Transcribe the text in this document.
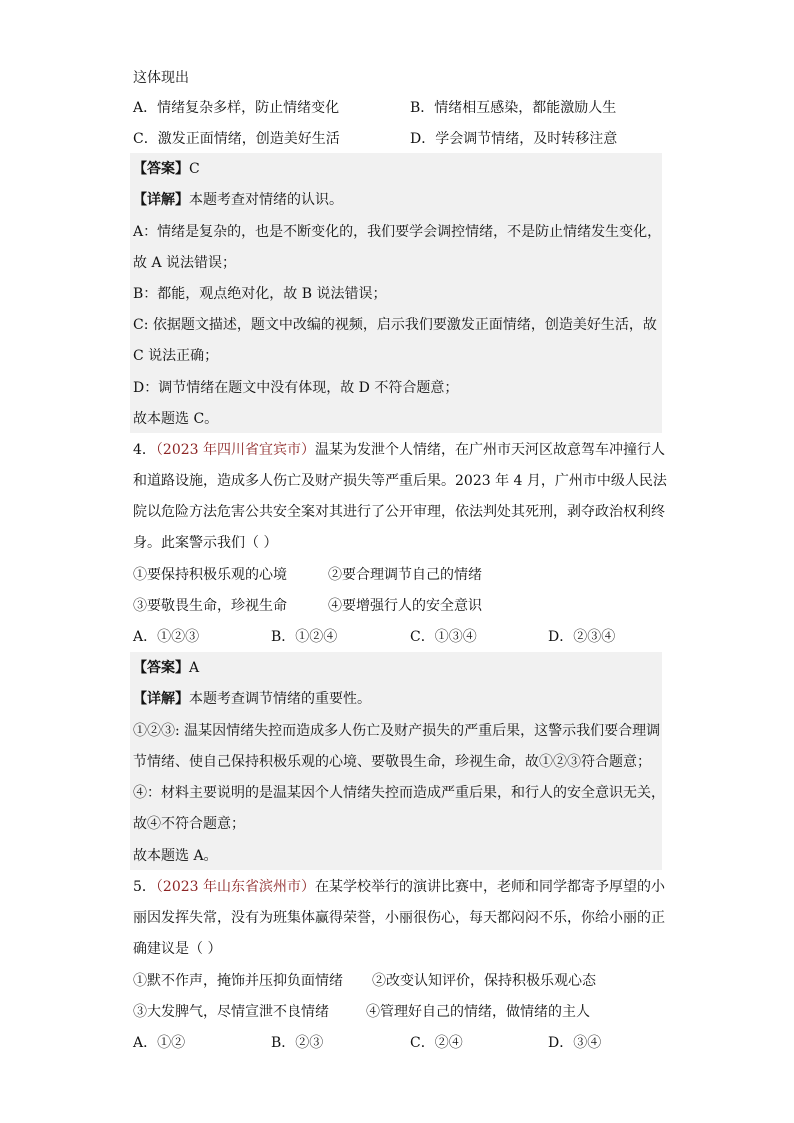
这体现出
A．情绪复杂多样，防止情绪变化	B．情绪相互感染，都能激励人生
C．激发正面情绪，创造美好生活	D．学会调节情绪，及时转移注意
【答案】C
【详解】本题考查对情绪的认识。
A：情绪是复杂的，也是不断变化的，我们要学会调控情绪，不是防止情绪发生变化，
故 A 说法错误；
B：都能，观点绝对化，故 B 说法错误；
C: 依据题文描述，题文中改编的视频，启示我们要激发正面情绪，创造美好生活，故
C 说法正确；
D：调节情绪在题文中没有体现，故 D 不符合题意；
故本题选 C。
4．（2023 年四川省宜宾市）温某为发泄个人情绪，在广州市天河区故意驾车冲撞行人
和道路设施，造成多人伤亡及财产损失等严重后果。2023 年 4 月，广州市中级人民法
院以危险方法危害公共安全案对其进行了公开审理，依法判处其死刑，剥夺政治权利终
身。此案警示我们（ ）
①要保持积极乐观的心境	②要合理调节自己的情绪
③要敬畏生命，珍视生命	④要增强行人的安全意识
A．①②③	B．①②④	C．①③④	D．②③④
【答案】A
【详解】本题考查调节情绪的重要性。
①②③: 温某因情绪失控而造成多人伤亡及财产损失的严重后果，这警示我们要合理调
节情绪、使自己保持积极乐观的心境、要敬畏生命，珍视生命，故①②③符合题意；
④：材料主要说明的是温某因个人情绪失控而造成严重后果，和行人的安全意识无关，
故④不符合题意；
故本题选 A。
5．（2023 年山东省滨州市）在某学校举行的演讲比赛中，老师和同学都寄予厚望的小
丽因发挥失常，没有为班集体赢得荣誉，小丽很伤心，每天都闷闷不乐，你给小丽的正
确建议是（ ）
①默不作声，掩饰并压抑负面情绪 ②改变认知评价，保持积极乐观心态
③大发脾气，尽情宣泄不良情绪	④管理好自己的情绪，做情绪的主人
A．①②	B．②③	C．②④	D．③④
